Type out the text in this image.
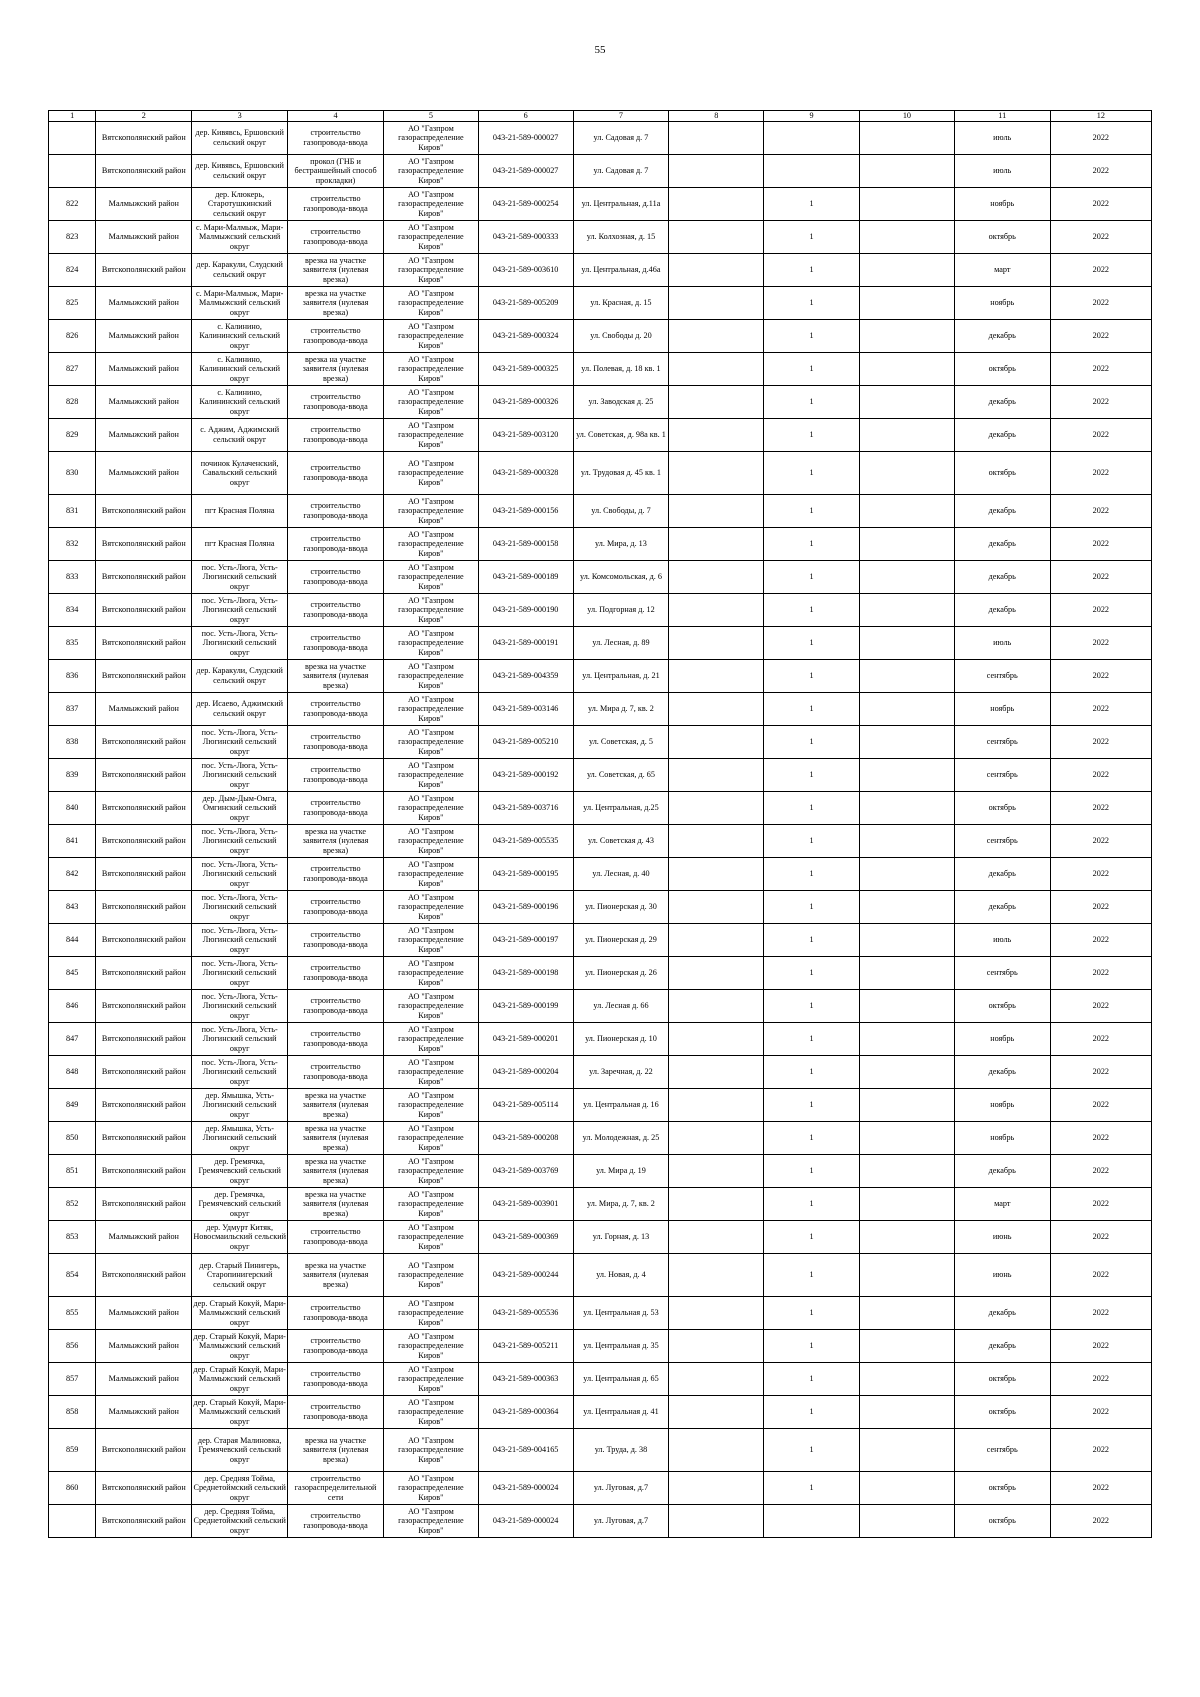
55
1	2	3	4	5	6	7	8	9	10	11	12

	Вятскополянский район	дер. Кивявсь, Ершовский сельский округ	строительство газопровода-ввода	АО "Газпром газораспределение Киров"	043-21-589-000027	ул. Садовая д. 7				июль	2022

	Вятскополянский район	дер. Кивявсь, Ершовский сельский округ	прокол (ГНБ и бестраншейный способ прокладки)	АО "Газпром газораспределение Киров"	043-21-589-000027	ул. Садовая д. 7				июль	2022

822	Малмыжский район	дер. Клюкерь, Старотушкинский сельский округ	строительство газопровода-ввода	АО "Газпром газораспределение Киров"	043-21-589-000254	ул. Центральная, д.11а		1		ноябрь	2022

823	Малмыжский район	с. Мари-Малмыж, Мари-Малмыжский сельский округ	строительство газопровода-ввода	АО "Газпром газораспределение Киров"	043-21-589-000333	ул. Колхозная, д. 15		1		октябрь	2022

824	Вятскополянский район	дер. Каракули, Слудский сельский округ	врезка на участке заявителя (нулевая врезка)	АО "Газпром газораспределение Киров"	043-21-589-003610	ул. Центральная, д.46а		1		март	2022

825	Малмыжский район	с. Мари-Малмыж, Мари-Малмыжский сельский округ	врезка на участке заявителя (нулевая врезка)	АО "Газпром газораспределение Киров"	043-21-589-005209	ул. Красная, д. 15		1		ноябрь	2022

826	Малмыжский район	с. Калинино, Калининский сельский округ	строительство газопровода-ввода	АО "Газпром газораспределение Киров"	043-21-589-000324	ул. Свободы д. 20		1		декабрь	2022

827	Малмыжский район	с. Калинино, Калининский сельский округ	врезка на участке заявителя (нулевая врезка)	АО "Газпром газораспределение Киров"	043-21-589-000325	ул. Полевая, д. 18 кв. 1		1		октябрь	2022

828	Малмыжский район	с. Калинино, Калининский сельский округ	строительство газопровода-ввода	АО "Газпром газораспределение Киров"	043-21-589-000326	ул. Заводская д. 25		1		декабрь	2022

829	Малмыжский район	с. Аджим, Аджимский сельский округ	строительство газопровода-ввода	АО "Газпром газораспределение Киров"	043-21-589-003120	ул. Советская, д. 98а кв. 1		1		декабрь	2022

830	Малмыжский район	починок Кулаченский, Савальский сельский округ	строительство газопровода-ввода	АО "Газпром газораспределение Киров"	043-21-589-000328	ул. Трудовая д. 45 кв. 1		1		октябрь	2022

831	Вятскополянский район	пгт Красная Поляна	строительство газопровода-ввода	АО "Газпром газораспределение Киров"	043-21-589-000156	ул. Свободы, д. 7		1		декабрь	2022

832	Вятскополянский район	пгт Красная Поляна	строительство газопровода-ввода	АО "Газпром газораспределение Киров"	043-21-589-000158	ул. Мира, д. 13		1		декабрь	2022

833	Вятскополянский район	пос. Усть-Люга, Усть-Люгинский сельский округ	строительство газопровода-ввода	АО "Газпром газораспределение Киров"	043-21-589-000189	ул. Комсомольская, д. 6		1		декабрь	2022

834	Вятскополянский район	пос. Усть-Люга, Усть-Люгинский сельский округ	строительство газопровода-ввода	АО "Газпром газораспределение Киров"	043-21-589-000190	ул. Подгорная д. 12		1		декабрь	2022

835	Вятскополянский район	пос. Усть-Люга, Усть-Люгинский сельский округ	строительство газопровода-ввода	АО "Газпром газораспределение Киров"	043-21-589-000191	ул. Лесная, д. 89		1		июль	2022

836	Вятскополянский район	дер. Каракули, Слудский сельский округ	врезка на участке заявителя (нулевая врезка)	АО "Газпром газораспределение Киров"	043-21-589-004359	ул. Центральная, д. 21		1		сентябрь	2022

837	Малмыжский район	дер. Исаево, Аджимский сельский округ	строительство газопровода-ввода	АО "Газпром газораспределение Киров"	043-21-589-003146	ул. Мира д. 7, кв. 2		1		ноябрь	2022

838	Вятскополянский район	пос. Усть-Люга, Усть-Люгинский сельский округ	строительство газопровода-ввода	АО "Газпром газораспределение Киров"	043-21-589-005210	ул. Советская, д. 5		1		сентябрь	2022

839	Вятскополянский район	пос. Усть-Люга, Усть-Люгинский сельский округ	строительство газопровода-ввода	АО "Газпром газораспределение Киров"	043-21-589-000192	ул. Советская, д. 65		1		сентябрь	2022

840	Вятскополянский район	дер. Дым-Дым-Омга, Омгинский сельский округ	строительство газопровода-ввода	АО "Газпром газораспределение Киров"	043-21-589-003716	ул. Центральная, д.25		1		октябрь	2022

841	Вятскополянский район	пос. Усть-Люга, Усть-Люгинский сельский округ	врезка на участке заявителя (нулевая врезка)	АО "Газпром газораспределение Киров"	043-21-589-005535	ул. Советская д. 43		1		сентябрь	2022

842	Вятскополянский район	пос. Усть-Люга, Усть-Люгинский сельский округ	строительство газопровода-ввода	АО "Газпром газораспределение Киров"	043-21-589-000195	ул. Лесная, д. 40		1		декабрь	2022

843	Вятскополянский район	пос. Усть-Люга, Усть-Люгинский сельский округ	строительство газопровода-ввода	АО "Газпром газораспределение Киров"	043-21-589-000196	ул. Пионерская д. 30		1		декабрь	2022

844	Вятскополянский район	пос. Усть-Люга, Усть-Люгинский сельский округ	строительство газопровода-ввода	АО "Газпром газораспределение Киров"	043-21-589-000197	ул. Пионерская д. 29		1		июль	2022

845	Вятскополянский район	пос. Усть-Люга, Усть-Люгинский сельский округ	строительство газопровода-ввода	АО "Газпром газораспределение Киров"	043-21-589-000198	ул. Пионерская д. 26		1		сентябрь	2022

846	Вятскополянский район	пос. Усть-Люга, Усть-Люгинский сельский округ	строительство газопровода-ввода	АО "Газпром газораспределение Киров"	043-21-589-000199	ул. Лесная д. 66		1		октябрь	2022

847	Вятскополянский район	пос. Усть-Люга, Усть-Люгинский сельский округ	строительство газопровода-ввода	АО "Газпром газораспределение Киров"	043-21-589-000201	ул. Пионерская д. 10		1		ноябрь	2022

848	Вятскополянский район	пос. Усть-Люга, Усть-Люгинский сельский округ	строительство газопровода-ввода	АО "Газпром газораспределение Киров"	043-21-589-000204	ул. Заречная, д. 22		1		декабрь	2022

849	Вятскополянский район	дер. Ямышка, Усть-Люгинский сельский округ	врезка на участке заявителя (нулевая врезка)	АО "Газпром газораспределение Киров"	043-21-589-005114	ул. Центральная д. 16		1		ноябрь	2022

850	Вятскополянский район	дер. Ямышка, Усть-Люгинский сельский округ	врезка на участке заявителя (нулевая врезка)	АО "Газпром газораспределение Киров"	043-21-589-000208	ул. Молодежная, д. 25		1		ноябрь	2022

851	Вятскополянский район	дер. Гремячка, Гремячевский сельский округ	врезка на участке заявителя (нулевая врезка)	АО "Газпром газораспределение Киров"	043-21-589-003769	ул. Мира д. 19		1		декабрь	2022

852	Вятскополянский район	дер. Гремячка, Гремячевский сельский округ	врезка на участке заявителя (нулевая врезка)	АО "Газпром газораспределение Киров"	043-21-589-003901	ул. Мира, д. 7, кв. 2		1		март	2022

853	Малмыжский район	дер. Удмурт Китяк, Новосмаильский сельский округ	строительство газопровода-ввода	АО "Газпром газораспределение Киров"	043-21-589-000369	ул. Горная, д. 13		1		июнь	2022

854	Вятскополянский район	дер. Старый Пинигерь, Старопинигерский сельский округ	врезка на участке заявителя (нулевая врезка)	АО "Газпром газораспределение Киров"	043-21-589-000244	ул. Новая, д. 4		1		июнь	2022

855	Малмыжский район	дер. Старый Кокуй, Мари-Малмыжский сельский округ	строительство газопровода-ввода	АО "Газпром газораспределение Киров"	043-21-589-005536	ул. Центральная д. 53		1		декабрь	2022

856	Малмыжский район	дер. Старый Кокуй, Мари-Малмыжский сельский округ	строительство газопровода-ввода	АО "Газпром газораспределение Киров"	043-21-589-005211	ул. Центральная д. 35		1		декабрь	2022

857	Малмыжский район	дер. Старый Кокуй, Мари-Малмыжский сельский округ	строительство газопровода-ввода	АО "Газпром газораспределение Киров"	043-21-589-000363	ул. Центральная д. 65		1		октябрь	2022

858	Малмыжский район	дер. Старый Кокуй, Мари-Малмыжский сельский округ	строительство газопровода-ввода	АО "Газпром газораспределение Киров"	043-21-589-000364	ул. Центральная д. 41		1		октябрь	2022

859	Вятскополянский район	дер. Старая Малиновка, Гремячевский сельский округ	врезка на участке заявителя (нулевая врезка)	АО "Газпром газораспределение Киров"	043-21-589-004165	ул. Труда, д. 38		1		сентябрь	2022

860	Вятскополянский район	дер. Средняя Тойма, Среднетоймский сельский округ	строительство газораспределительной сети	АО "Газпром газораспределение Киров"	043-21-589-000024	ул. Луговая, д.7		1		октябрь	2022

	Вятскополянский район	дер. Средняя Тойма, Среднетоймский сельский округ	строительство газопровода-ввода	АО "Газпром газораспределение Киров"	043-21-589-000024	ул. Луговая, д.7				октябрь	2022
